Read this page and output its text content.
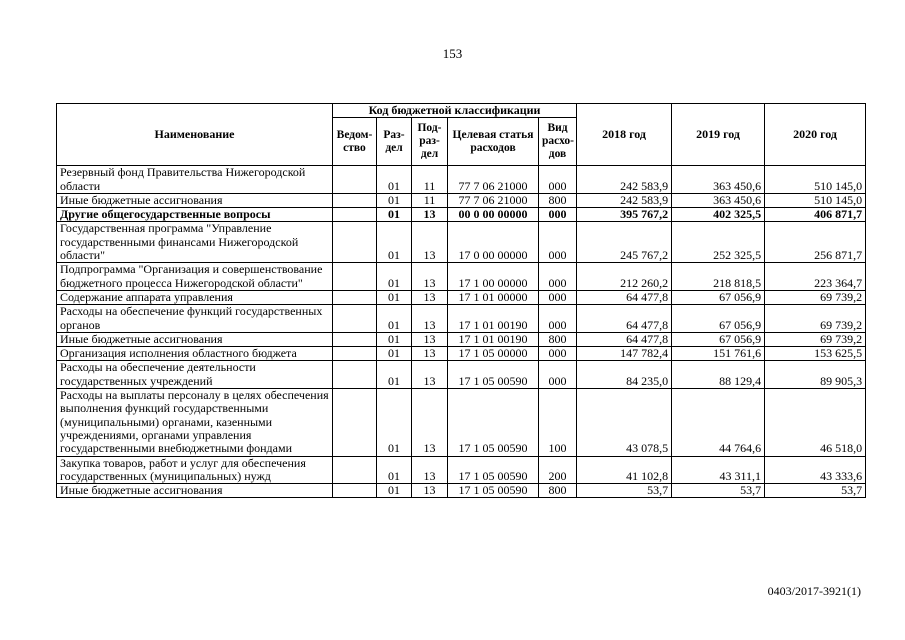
153
Наименование	Код бюджетной классификации					2018 год	2019 год	2020 год
	Ведом-ство	Раз-дел	Под-раз-дел	Целевая статья расходов	Вид расхо-дов			
Резервный фонд Правительства Нижегородской области		01	11	77 7 06 21000	000	242 583,9	363 450,6	510 145,0
Иные бюджетные ассигнования		01	11	77 7 06 21000	800	242 583,9	363 450,6	510 145,0
Другие общегосударственные вопросы		01	13	00 0 00 00000	000	395 767,2	402 325,5	406 871,7
Государственная программа "Управление государственными финансами Нижегородской области"		01	13	17 0 00 00000	000	245 767,2	252 325,5	256 871,7
Подпрограмма "Организация и совершенствование бюджетного процесса Нижегородской области"		01	13	17 1 00 00000	000	212 260,2	218 818,5	223 364,7
Содержание аппарата управления		01	13	17 1 01 00000	000	64 477,8	67 056,9	69 739,2
Расходы на обеспечение функций государственных органов		01	13	17 1 01 00190	000	64 477,8	67 056,9	69 739,2
Иные бюджетные ассигнования		01	13	17 1 01 00190	800	64 477,8	67 056,9	69 739,2
Организация исполнения областного бюджета		01	13	17 1 05 00000	000	147 782,4	151 761,6	153 625,5
Расходы на обеспечение деятельности государственных учреждений		01	13	17 1 05 00590	000	84 235,0	88 129,4	89 905,3
Расходы на выплаты персоналу в целях обеспечения выполнения функций государственными (муниципальными) органами, казенными учреждениями, органами управления государственными внебюджетными фондами		01	13	17 1 05 00590	100	43 078,5	44 764,6	46 518,0
Закупка товаров, работ и услуг для обеспечения государственных (муниципальных) нужд		01	13	17 1 05 00590	200	41 102,8	43 311,1	43 333,6
Иные бюджетные ассигнования		01	13	17 1 05 00590	800	53,7	53,7	53,7
0403/2017-3921(1)
